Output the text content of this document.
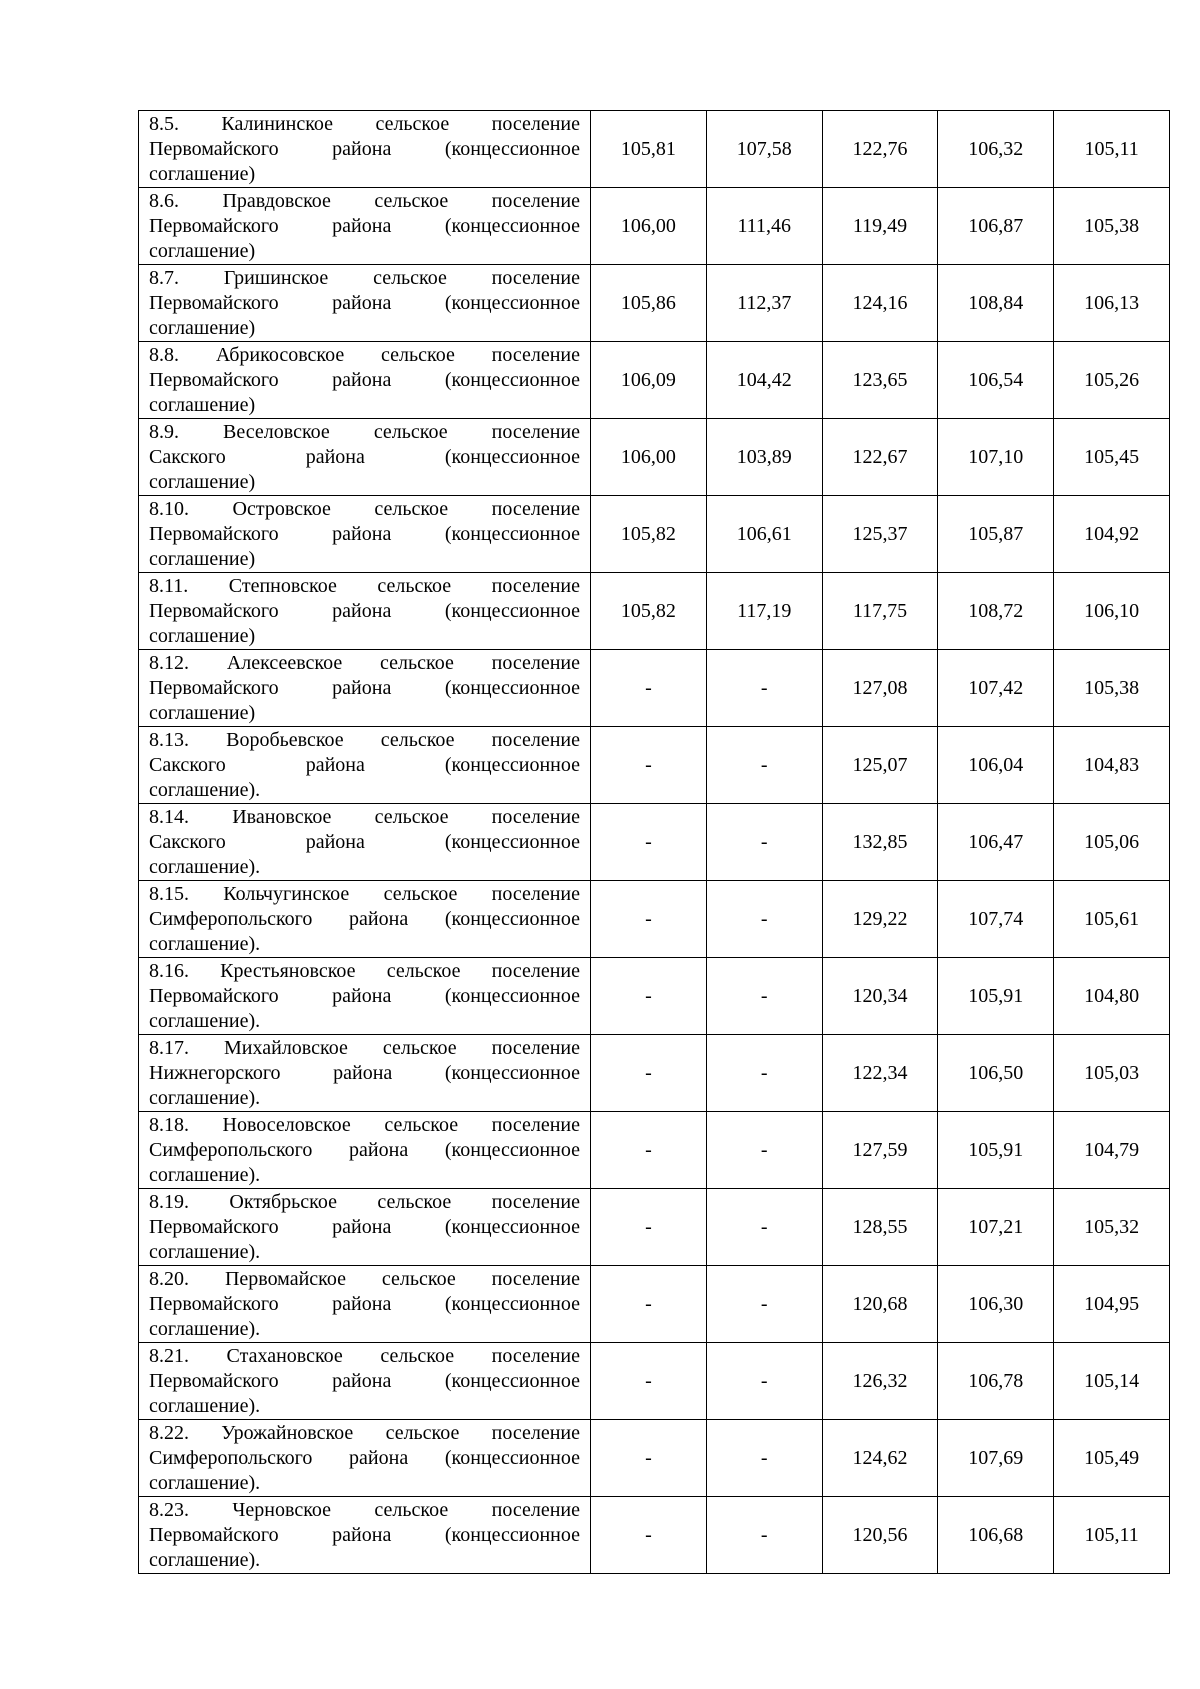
8.5. Калининское сельское поселение
Первомайского района (концессионное
соглашение)	105,81	107,58	122,76	106,32	105,11

8.6. Правдовское сельское поселение
Первомайского района (концессионное
соглашение)	106,00	111,46	119,49	106,87	105,38

8.7. Гришинское сельское поселение
Первомайского района (концессионное
соглашение)	105,86	112,37	124,16	108,84	106,13

8.8. Абрикосовское сельское поселение
Первомайского района (концессионное
соглашение)	106,09	104,42	123,65	106,54	105,26

8.9. Веселовское сельское поселение
Сакского района (концессионное
соглашение)	106,00	103,89	122,67	107,10	105,45

8.10. Островское сельское поселение
Первомайского района (концессионное
соглашение)	105,82	106,61	125,37	105,87	104,92

8.11. Степновское сельское поселение
Первомайского района (концессионное
соглашение)	105,82	117,19	117,75	108,72	106,10

8.12. Алексеевское сельское поселение
Первомайского района (концессионное
соглашение)	-	-	127,08	107,42	105,38

8.13. Воробьевское сельское поселение
Сакского района (концессионное
соглашение).	-	-	125,07	106,04	104,83

8.14. Ивановское сельское поселение
Сакского района (концессионное
соглашение).	-	-	132,85	106,47	105,06

8.15. Кольчугинское сельское поселение
Симферопольского района (концессионное
соглашение).	-	-	129,22	107,74	105,61

8.16. Крестьяновское сельское поселение
Первомайского района (концессионное
соглашение).	-	-	120,34	105,91	104,80

8.17. Михайловское сельское поселение
Нижнегорского района (концессионное
соглашение).	-	-	122,34	106,50	105,03

8.18. Новоселовское сельское поселение
Симферопольского района (концессионное
соглашение).	-	-	127,59	105,91	104,79

8.19. Октябрьское сельское поселение
Первомайского района (концессионное
соглашение).	-	-	128,55	107,21	105,32

8.20. Первомайское сельское поселение
Первомайского района (концессионное
соглашение).	-	-	120,68	106,30	104,95

8.21. Стахановское сельское поселение
Первомайского района (концессионное
соглашение).	-	-	126,32	106,78	105,14

8.22. Урожайновское сельское поселение
Симферопольского района (концессионное
соглашение).	-	-	124,62	107,69	105,49

8.23. Черновское сельское поселение
Первомайского района (концессионное
соглашение).	-	-	120,56	106,68	105,11
